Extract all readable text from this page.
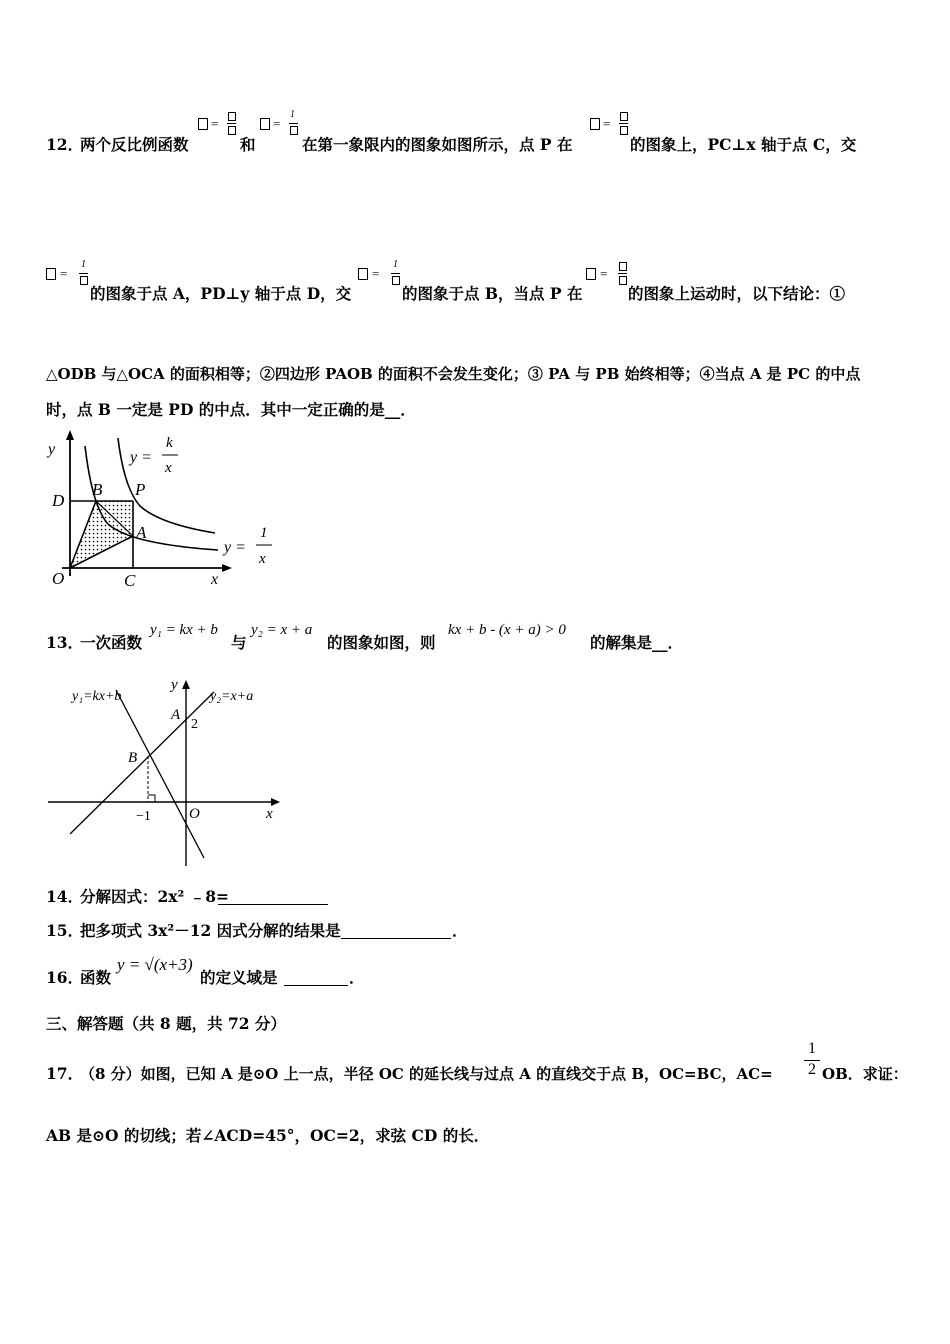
12．
两个反比例函数
=
和
=
1
在第一象限内的图象如图所示，点 P 在
=
的图象上，PC⊥x 轴于点 C，交
=
1
的图象于点 A，PD⊥y 轴于点 D，交
=
1
的图象于点 B，当点 P 在
=
的图象上运动时，以下结论：①
△ODB 与△OCA 的面积相等；②四边形 PAOB 的面积不会发生变化；③ PA 与 PB 始终相等；④当点 A 是 PC 的中点
时，点 B 一定是 PD 的中点．其中一定正确的是__．
y
x
O
D
B P
A
C
y =
k
x
y =
1
x
13．
一次函数
y₁ = kx + b
与
y₂ = x + a
的图象如图，则
kx + b - (x + a) > 0
的解集是__．
y₁=kx+b	y₂=x+a
y
x
O
A
2
B
−1
14．
分解因式：2x² ﹣8=
15．
把多项式 3x²－12 因式分解的结果是	．
16．
函数
y = √(x+3)
的定义域是	．
三、解答题（共 8 题，共 72 分）
17．
（8 分）如图，已知 A 是⊙O 上一点，半径 OC 的延长线与过点 A 的直线交于点 B，OC=BC，$AC= \frac{1}{2}$ OB．求证：
AB 是⊙O 的切线；若∠ACD=45°，OC=2，求弦 CD 的长．
